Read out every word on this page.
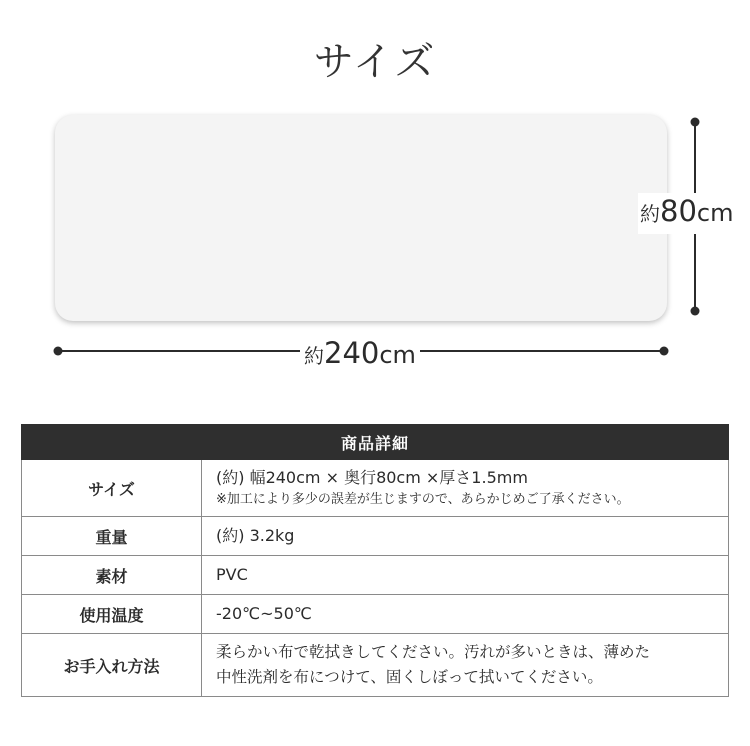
サイズ
約240cm
約80cm
商品詳細	
サイズ	(約) 幅240cm × 奥行80cm ×厚さ1.5mm
※加工により多少の誤差が生じますので、あらかじめご了承ください。

重量	(約) 3.2kg
素材	PVC
使用温度	-20℃~50℃
お手入れ方法	柔らかい布で乾拭きしてください。汚れが多いときは、薄めた
中性洗剤を布につけて、固くしぼって拭いてください。
